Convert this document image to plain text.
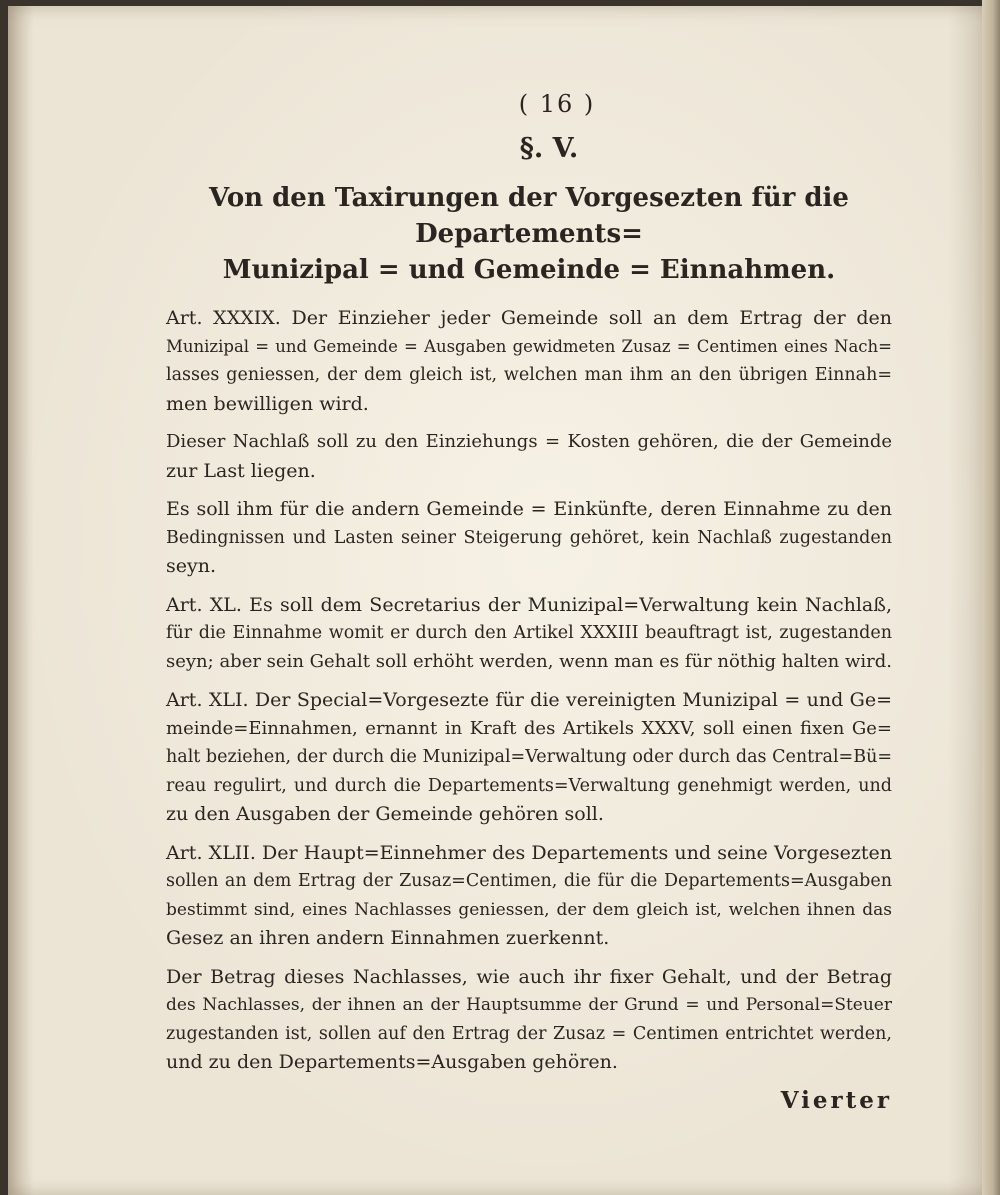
( 16 )
§. V.
Von den Taxirungen der Vorgesezten für die Departements=
Munizipal = und Gemeinde = Einnahmen.
Art. XXXIX. Der Einzieher jeder Gemeinde soll an dem Ertrag der den
Munizipal = und Gemeinde = Ausgaben gewidmeten Zusaz = Centimen eines Nach=
lasses geniessen, der dem gleich ist, welchen man ihm an den übrigen Einnah=
men bewilligen wird.
Dieser Nachlaß soll zu den Einziehungs = Kosten gehören, die der Gemeinde
zur Last liegen.
Es soll ihm für die andern Gemeinde = Einkünfte, deren Einnahme zu den
Bedingnissen und Lasten seiner Steigerung gehöret, kein Nachlaß zugestanden
seyn.
Art. XL. Es soll dem Secretarius der Munizipal=Verwaltung kein Nachlaß,
für die Einnahme womit er durch den Artikel XXXIII beauftragt ist, zugestanden
seyn; aber sein Gehalt soll erhöht werden, wenn man es für nöthig halten wird.
Art. XLI. Der Special=Vorgesezte für die vereinigten Munizipal = und Ge=
meinde=Einnahmen, ernannt in Kraft des Artikels XXXV, soll einen fixen Ge=
halt beziehen, der durch die Munizipal=Verwaltung oder durch das Central=Bü=
reau regulirt, und durch die Departements=Verwaltung genehmigt werden, und
zu den Ausgaben der Gemeinde gehören soll.
Art. XLII. Der Haupt=Einnehmer des Departements und seine Vorgesezten
sollen an dem Ertrag der Zusaz=Centimen, die für die Departements=Ausgaben
bestimmt sind, eines Nachlasses geniessen, der dem gleich ist, welchen ihnen das
Gesez an ihren andern Einnahmen zuerkennt.
Der Betrag dieses Nachlasses, wie auch ihr fixer Gehalt, und der Betrag
des Nachlasses, der ihnen an der Hauptsumme der Grund = und Personal=Steuer
zugestanden ist, sollen auf den Ertrag der Zusaz = Centimen entrichtet werden,
und zu den Departements=Ausgaben gehören.
Vierter
